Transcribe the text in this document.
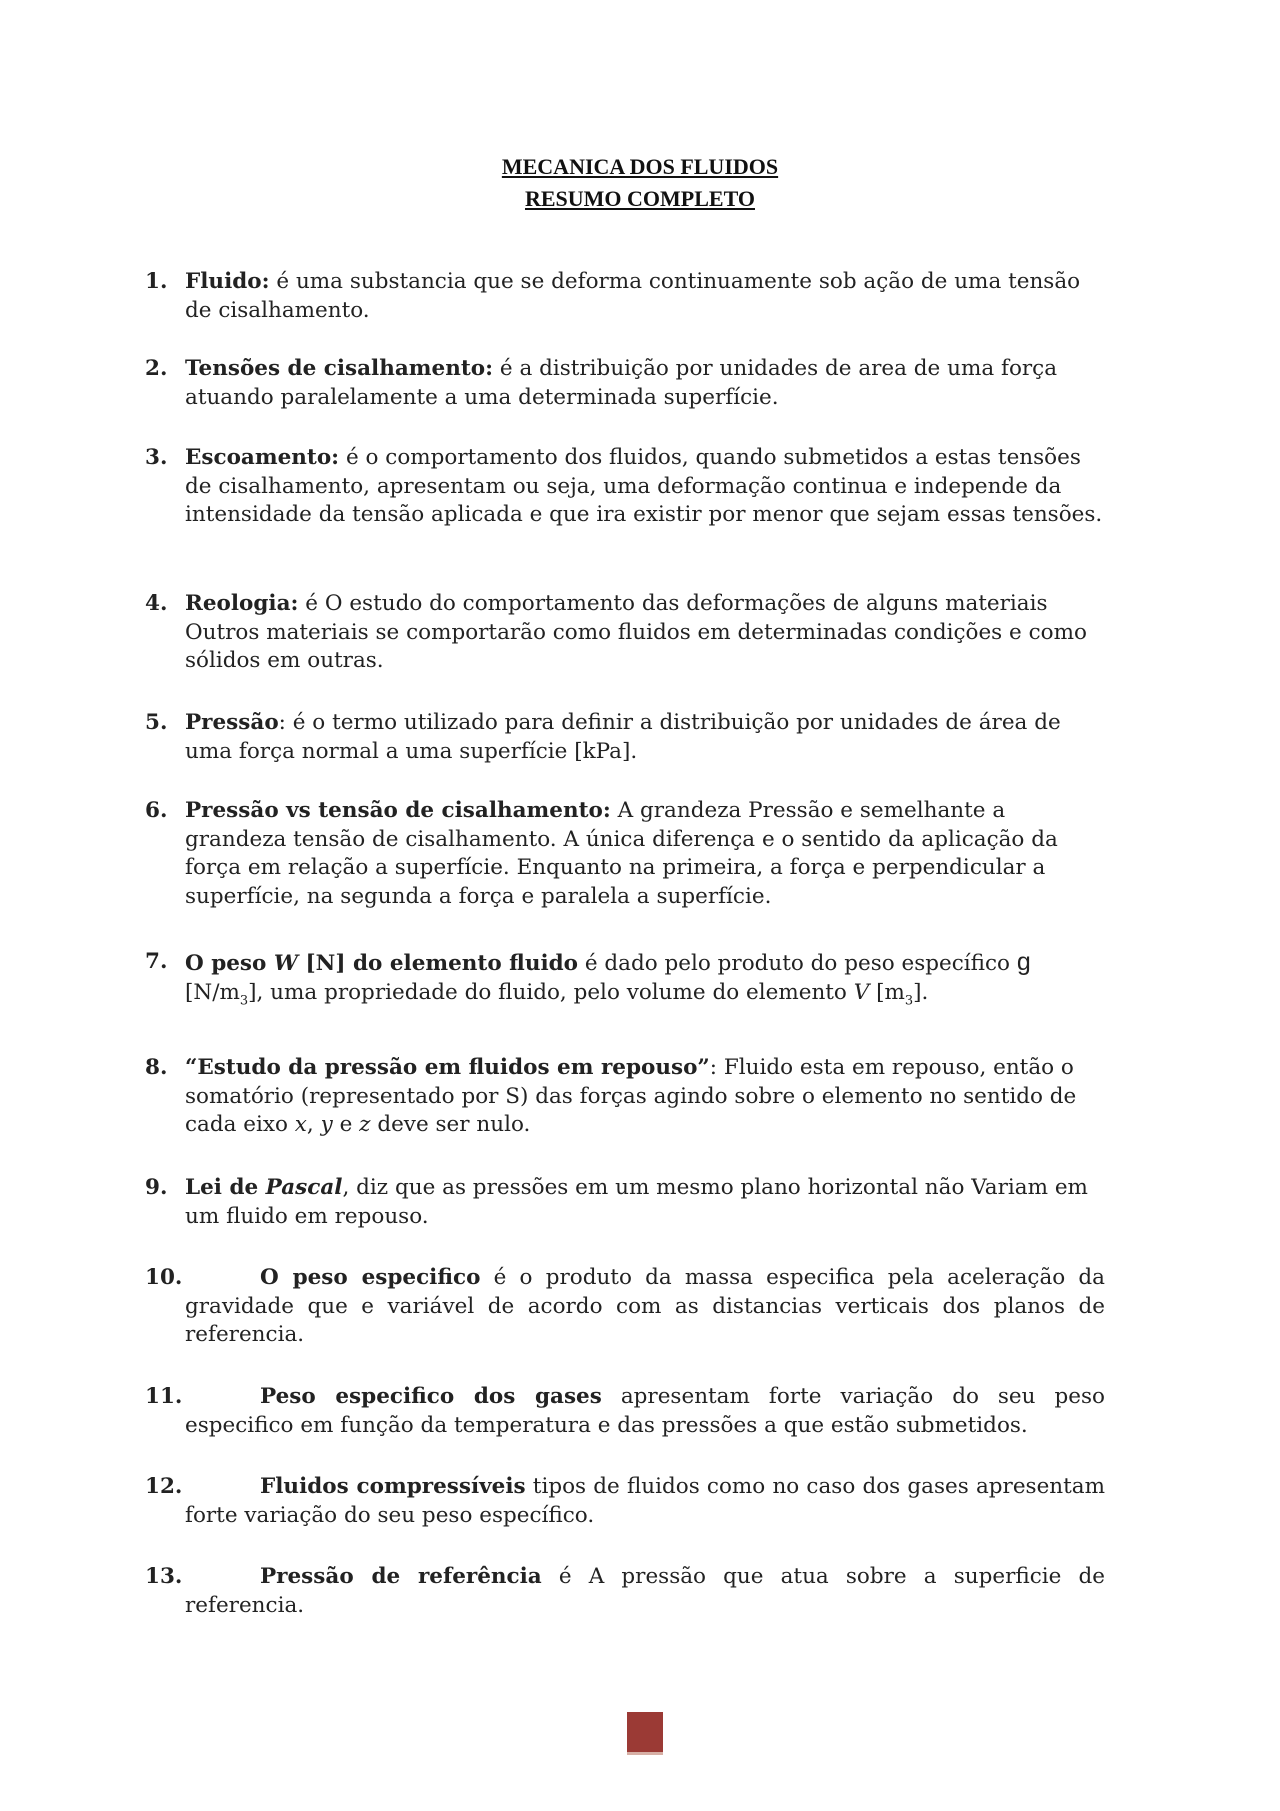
MECANICA DOS FLUIDOS
RESUMO COMPLETO
1. Fluido: é uma substancia que se deforma continuamente sob ação de uma tensão de cisalhamento.
2. Tensões de cisalhamento: é a distribuição por unidades de area de uma força atuando paralelamente a uma determinada superfície.
3. Escoamento: é o comportamento dos fluidos, quando submetidos a estas tensões de cisalhamento, apresentam ou seja, uma deformação continua e independe da intensidade da tensão aplicada e que ira existir por menor que sejam essas tensões.
4. Reologia: é O estudo do comportamento das deformações de alguns materiais Outros materiais se comportarão como fluidos em determinadas condições e como sólidos em outras.
5. Pressão: é o termo utilizado para definir a distribuição por unidades de área de uma força normal a uma superfície [kPa].
6. Pressão vs tensão de cisalhamento: A grandeza Pressão e semelhante a grandeza tensão de cisalhamento. A única diferença e o sentido da aplicação da força em relação a superfície. Enquanto na primeira, a força e perpendicular a superfície, na segunda a força e paralela a superfície.
7. O peso W [N] do elemento fluido é dado pelo produto do peso específico g $[N/m_3]$, uma propriedade do fluido, pelo volume do elemento V $[m_3]$.
8. “Estudo da pressão em fluidos em repouso”: Fluido esta em repouso, então o somatório (representado por S) das forças agindo sobre o elemento no sentido de cada eixo x, y e z deve ser nulo.
9. Lei de Pascal, diz que as pressões em um mesmo plano horizontal não Variam em um fluido em repouso.
10.	O peso especifico é o produto da massa especifica pela aceleração da gravidade que e variável de acordo com as distancias verticais dos planos de referencia.
11.	Peso especifico dos gases apresentam forte variação do seu peso especifico em função da temperatura e das pressões a que estão submetidos.
12.	Fluidos compressíveis tipos de fluidos como no caso dos gases apresentam forte variação do seu peso específico.
13.	Pressão de referência é A pressão que atua sobre a superficie de referencia.
